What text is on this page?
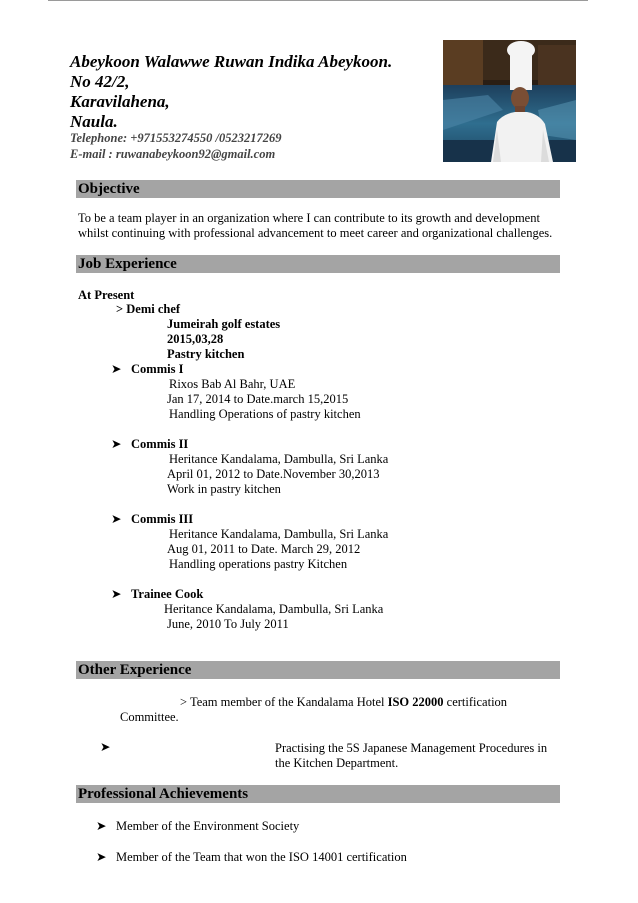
Abeykoon Walawwe Ruwan Indika Abeykoon.
No 42/2,
Karavilahena,
Naula.
Telephone: +971553274550 /0523217269
E-mail : ruwanabeykoon92@gmail.com
Objective
To be a team player in an organization where I can contribute to its growth and development
whilst continuing with professional advancement to meet career and organizational challenges.
Job Experience
At Present
> Demi chef
Jumeirah golf estates
2015,03,28
Pastry kitchen
➤ Commis I
Rixos Bab Al Bahr, UAE
Jan 17, 2014 to Date.march 15,2015
Handling Operations of pastry kitchen
➤ Commis II
Heritance Kandalama, Dambulla, Sri Lanka
April 01, 2012 to Date.November 30,2013
Work in pastry kitchen
➤ Commis III
Heritance Kandalama, Dambulla, Sri Lanka
Aug 01, 2011 to Date. March 29, 2012
Handling operations pastry Kitchen
➤ Trainee Cook
Heritance Kandalama, Dambulla, Sri Lanka
June, 2010 To July 2011
Other Experience
> Team member of the Kandalama Hotel ISO 22000 certification
Committee.
➤	Practising the 5S Japanese Management Procedures in
the Kitchen Department.
Professional Achievements
➤ Member of the Environment Society
➤ Member of the Team that won the ISO 14001 certification
